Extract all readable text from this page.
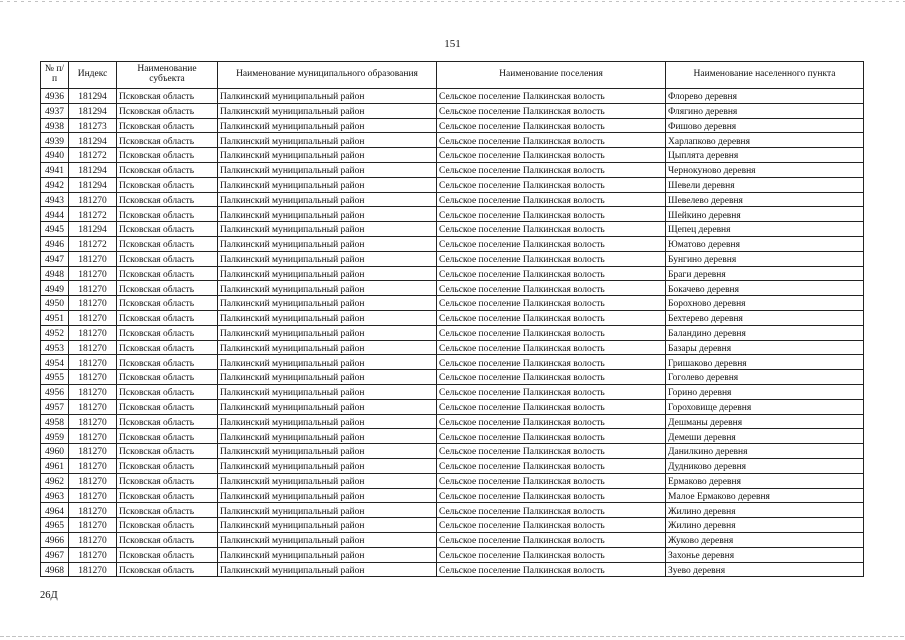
151
№ п/п	Индекс	Наименование субъекта	Наименование муниципального образования	Наименование поселения	Наименование населенного пункта
4936	181294	Псковская область	Палкинский муниципальный район	Сельское поселение Палкинская волость	Флорево деревня
4937	181294	Псковская область	Палкинский муниципальный район	Сельское поселение Палкинская волость	Флягино деревня
4938	181273	Псковская область	Палкинский муниципальный район	Сельское поселение Палкинская волость	Фишово деревня
4939	181294	Псковская область	Палкинский муниципальный район	Сельское поселение Палкинская волость	Харлапково деревня
4940	181272	Псковская область	Палкинский муниципальный район	Сельское поселение Палкинская волость	Цыплята деревня
4941	181294	Псковская область	Палкинский муниципальный район	Сельское поселение Палкинская волость	Чернокуново деревня
4942	181294	Псковская область	Палкинский муниципальный район	Сельское поселение Палкинская волость	Шевели деревня
4943	181270	Псковская область	Палкинский муниципальный район	Сельское поселение Палкинская волость	Шевелево деревня
4944	181272	Псковская область	Палкинский муниципальный район	Сельское поселение Палкинская волость	Шейкино деревня
4945	181294	Псковская область	Палкинский муниципальный район	Сельское поселение Палкинская волость	Щепец деревня
4946	181272	Псковская область	Палкинский муниципальный район	Сельское поселение Палкинская волость	Юматово деревня
4947	181270	Псковская область	Палкинский муниципальный район	Сельское поселение Палкинская волость	Бунгино деревня
4948	181270	Псковская область	Палкинский муниципальный район	Сельское поселение Палкинская волость	Браги деревня
4949	181270	Псковская область	Палкинский муниципальный район	Сельское поселение Палкинская волость	Бокачево деревня
4950	181270	Псковская область	Палкинский муниципальный район	Сельское поселение Палкинская волость	Борохново деревня
4951	181270	Псковская область	Палкинский муниципальный район	Сельское поселение Палкинская волость	Бехтерево деревня
4952	181270	Псковская область	Палкинский муниципальный район	Сельское поселение Палкинская волость	Баландино деревня
4953	181270	Псковская область	Палкинский муниципальный район	Сельское поселение Палкинская волость	Базары деревня
4954	181270	Псковская область	Палкинский муниципальный район	Сельское поселение Палкинская волость	Гришаково деревня
4955	181270	Псковская область	Палкинский муниципальный район	Сельское поселение Палкинская волость	Гоголево деревня
4956	181270	Псковская область	Палкинский муниципальный район	Сельское поселение Палкинская волость	Горино деревня
4957	181270	Псковская область	Палкинский муниципальный район	Сельское поселение Палкинская волость	Гороховище деревня
4958	181270	Псковская область	Палкинский муниципальный район	Сельское поселение Палкинская волость	Дешманы деревня
4959	181270	Псковская область	Палкинский муниципальный район	Сельское поселение Палкинская волость	Демеши деревня
4960	181270	Псковская область	Палкинский муниципальный район	Сельское поселение Палкинская волость	Данилкино деревня
4961	181270	Псковская область	Палкинский муниципальный район	Сельское поселение Палкинская волость	Дудниково деревня
4962	181270	Псковская область	Палкинский муниципальный район	Сельское поселение Палкинская волость	Ермаково деревня
4963	181270	Псковская область	Палкинский муниципальный район	Сельское поселение Палкинская волость	Малое Ермаково деревня
4964	181270	Псковская область	Палкинский муниципальный район	Сельское поселение Палкинская волость	Жилино деревня
4965	181270	Псковская область	Палкинский муниципальный район	Сельское поселение Палкинская волость	Жилино деревня
4966	181270	Псковская область	Палкинский муниципальный район	Сельское поселение Палкинская волость	Жуково деревня
4967	181270	Псковская область	Палкинский муниципальный район	Сельское поселение Палкинская волость	Захонье деревня
4968	181270	Псковская область	Палкинский муниципальный район	Сельское поселение Палкинская волость	Зуево деревня
26Д
